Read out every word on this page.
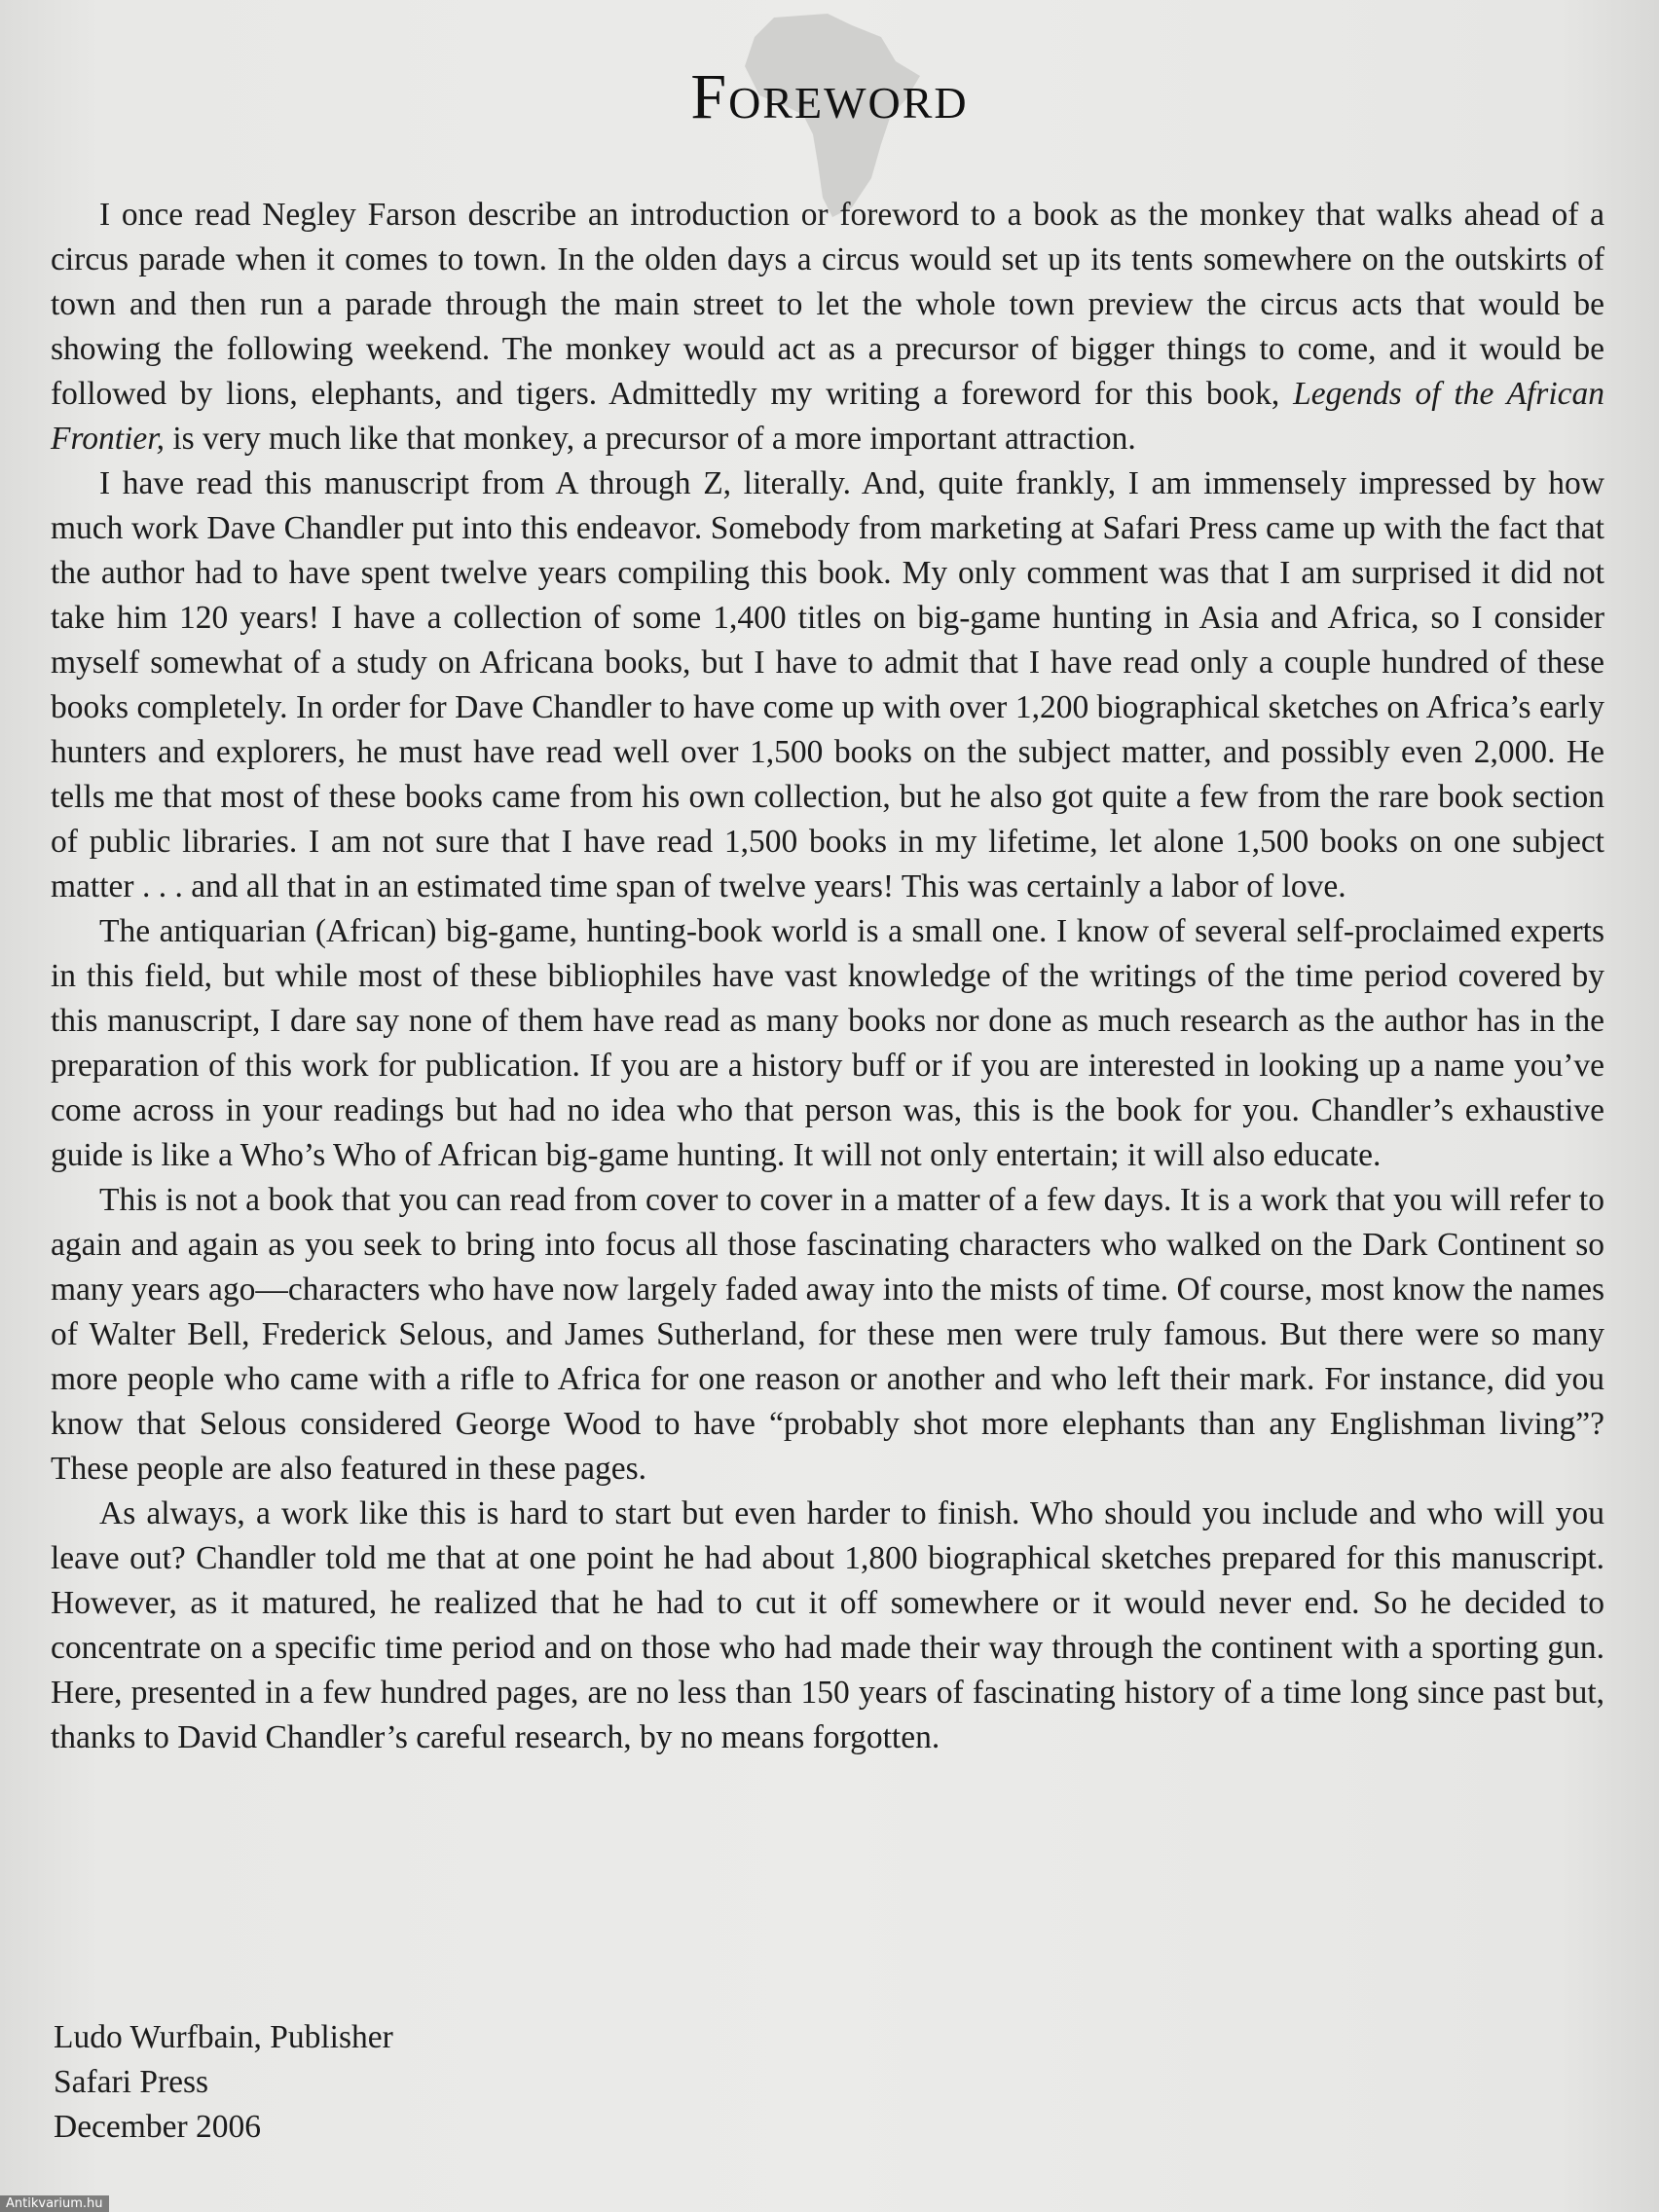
Foreword

I once read Negley Farson describe an introduction or foreword to a book as the monkey that walks ahead of a circus parade when it comes to town. In the olden days a circus would set up its tents somewhere on the outskirts of town and then run a parade through the main street to let the whole town preview the circus acts that would be showing the following weekend. The monkey would act as a precursor of bigger things to come, and it would be followed by lions, elephants, and tigers. Admittedly my writing a foreword for this book, Legends of the African Frontier, is very much like that monkey, a precursor of a more important attraction.

I have read this manuscript from A through Z, literally. And, quite frankly, I am immensely impressed by how much work Dave Chandler put into this endeavor. Somebody from marketing at Safari Press came up with the fact that the author had to have spent twelve years compiling this book. My only comment was that I am surprised it did not take him 120 years! I have a collection of some 1,400 titles on big-game hunting in Asia and Africa, so I consider myself somewhat of a study on Africana books, but I have to admit that I have read only a couple hundred of these books completely. In order for Dave Chandler to have come up with over 1,200 biographical sketches on Africa’s early hunters and explorers, he must have read well over 1,500 books on the subject matter, and possibly even 2,000. He tells me that most of these books came from his own collection, but he also got quite a few from the rare book section of public libraries. I am not sure that I have read 1,500 books in my lifetime, let alone 1,500 books on one subject matter . . . and all that in an estimated time span of twelve years! This was certainly a labor of love.

The antiquarian (African) big-game, hunting-book world is a small one. I know of several self-proclaimed experts in this field, but while most of these bibliophiles have vast knowledge of the writings of the time period covered by this manuscript, I dare say none of them have read as many books nor done as much research as the author has in the preparation of this work for publication. If you are a history buff or if you are interested in looking up a name you’ve come across in your readings but had no idea who that person was, this is the book for you. Chandler’s exhaustive guide is like a Who’s Who of African big-game hunting. It will not only entertain; it will also educate.

This is not a book that you can read from cover to cover in a matter of a few days. It is a work that you will refer to again and again as you seek to bring into focus all those fascinating characters who walked on the Dark Continent so many years ago—characters who have now largely faded away into the mists of time. Of course, most know the names of Walter Bell, Frederick Selous, and James Sutherland, for these men were truly famous. But there were so many more people who came with a rifle to Africa for one reason or another and who left their mark. For instance, did you know that Selous considered George Wood to have “probably shot more elephants than any Englishman living”? These people are also featured in these pages.

As always, a work like this is hard to start but even harder to finish. Who should you include and who will you leave out? Chandler told me that at one point he had about 1,800 biographical sketches prepared for this manuscript. However, as it matured, he realized that he had to cut it off somewhere or it would never end. So he decided to concentrate on a specific time period and on those who had made their way through the continent with a sporting gun. Here, presented in a few hundred pages, are no less than 150 years of fascinating history of a time long since past but, thanks to David Chandler’s careful research, by no means forgotten.

Ludo Wurfbain, Publisher
Safari Press
December 2006
Antikvarium.hu
